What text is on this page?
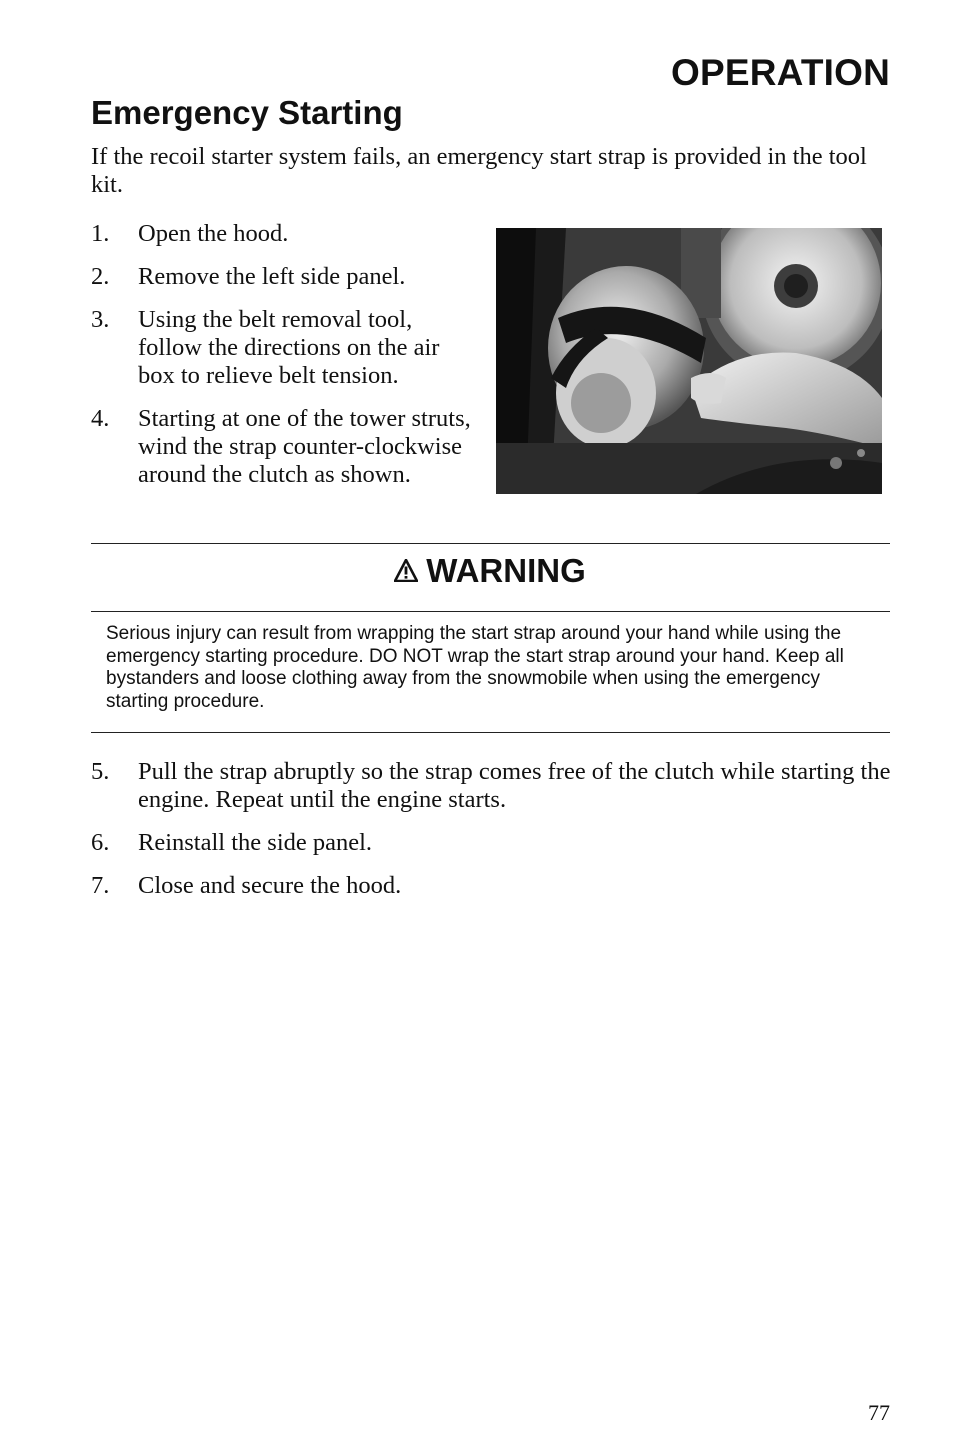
OPERATION
Emergency Starting
If the recoil starter system fails, an emergency start strap is provided in the tool kit.
1. Open the hood.
2. Remove the left side panel.
3. Using the belt removal tool, follow the directions on the air box to relieve belt tension.
4. Starting at one of the tower struts, wind the strap counter-clockwise around the clutch as shown.
WARNING
Serious injury can result from wrapping the start strap around your hand while using the emergency starting procedure. DO NOT wrap the start strap around your hand. Keep all bystanders and loose clothing away from the snowmobile when using the emergency starting procedure.
5. Pull the strap abruptly so the strap comes free of the clutch while starting the engine. Repeat until the engine starts.
6. Reinstall the side panel.
7. Close and secure the hood.
77
